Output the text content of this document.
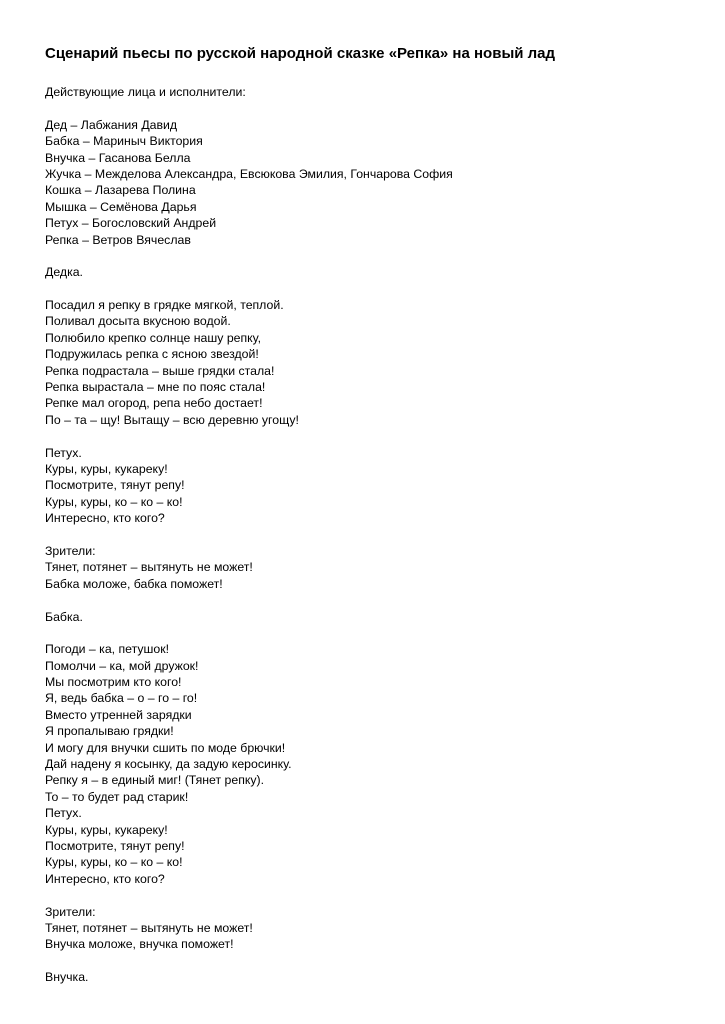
Сценарий пьесы по русской народной сказке «Репка» на новый лад
Действующие лица и исполнители:
Дед – Лабжания Давид
Бабка – Мариныч Виктория
Внучка – Гасанова Белла
Жучка – Межделова Александра, Евсюкова Эмилия, Гончарова София
Кошка – Лазарева Полина
Мышка – Семёнова Дарья
Петух – Богословский Андрей
Репка – Ветров Вячеслав
Дедка.
Посадил я репку в грядке мягкой, теплой.
Поливал досыта вкусною водой.
Полюбило крепко солнце нашу репку,
Подружилась репка с ясною звездой!
Репка подрастала – выше грядки стала!
Репка вырастала – мне по пояс стала!
Репке мал огород, репа небо достает!
По – та – щу! Вытащу – всю деревню угощу!
Петух.
Куры, куры, кукареку!
Посмотрите, тянут репу!
Куры, куры, ко – ко – ко!
Интересно, кто кого?
Зрители:
Тянет, потянет – вытянуть не может!
Бабка моложе, бабка поможет!
Бабка.
Погоди – ка, петушок!
Помолчи – ка, мой дружок!
Мы посмотрим кто кого!
Я, ведь бабка – о – го – го!
Вместо утренней зарядки
Я пропалываю грядки!
И могу для внучки сшить по моде брючки!
Дай надену я косынку, да задую керосинку.
Репку я – в единый миг! (Тянет репку).
То – то будет рад старик!
Петух.
Куры, куры, кукареку!
Посмотрите, тянут репу!
Куры, куры, ко – ко – ко!
Интересно, кто кого?
Зрители:
Тянет, потянет – вытянуть не может!
Внучка моложе, внучка поможет!
Внучка.
